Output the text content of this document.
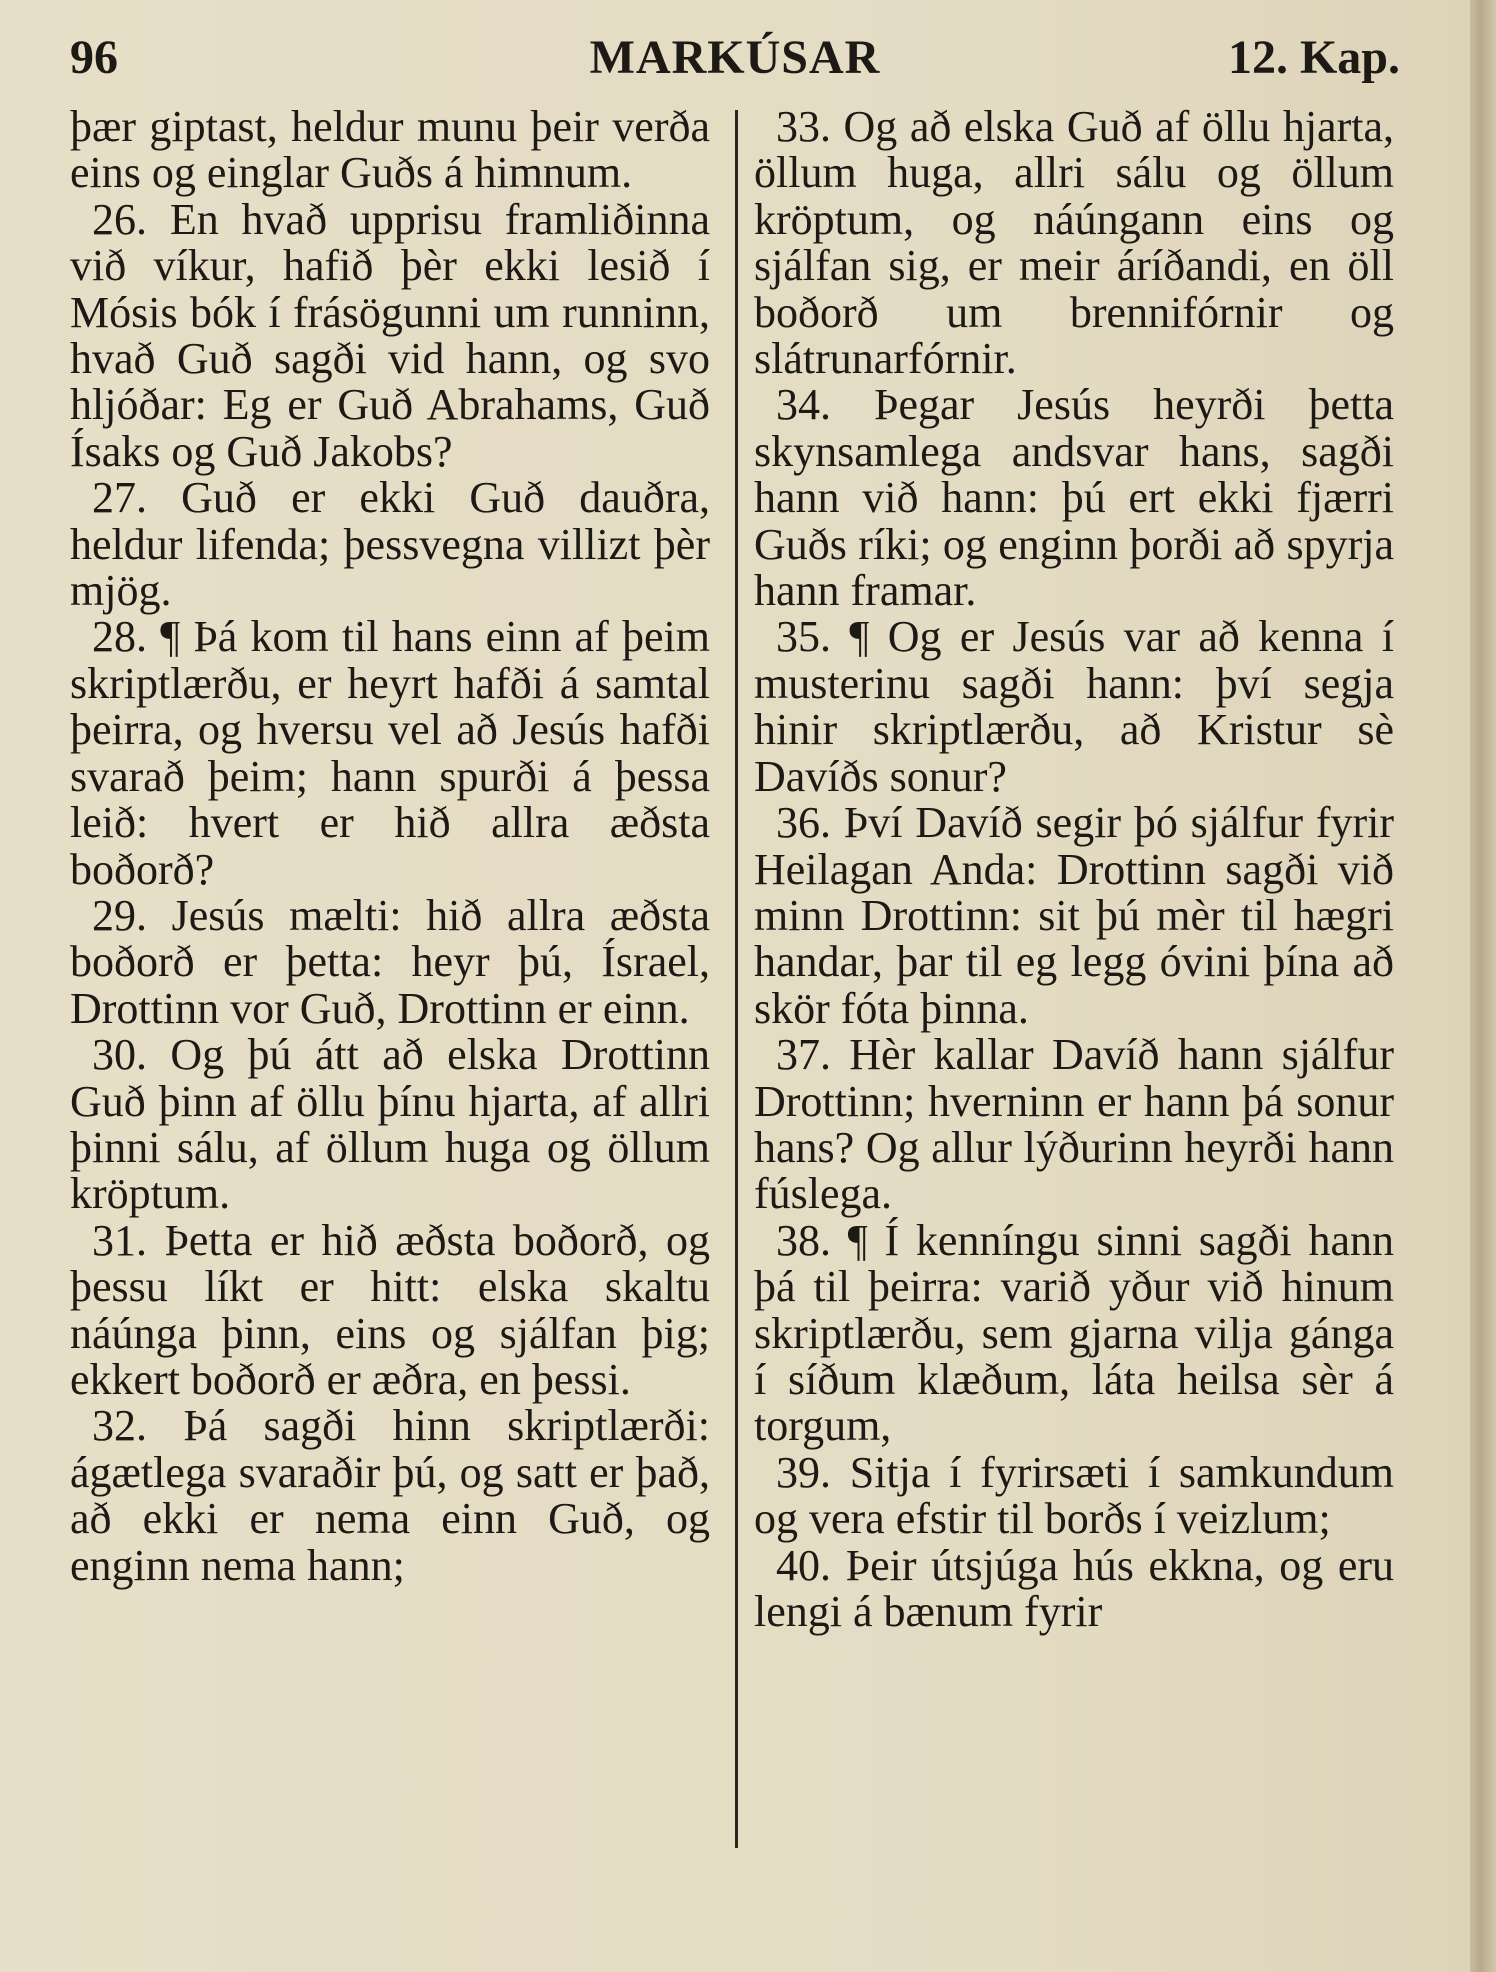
96	MARKÚSAR	12. Kap.

þær giptast, heldur munu þeir verða eins og einglar Guðs á himnum.

26. En hvað upprisu framliðinna við víkur, hafið þèr ekki lesið í Mósis bók í frásögunni um runninn, hvað Guð sagði vid hann, og svo hljóðar: Eg er Guð Abrahams, Guð Ísaks og Guð Jakobs?

27. Guð er ekki Guð dauðra, heldur lifenda; þessvegna villizt þèr mjög.

28. ¶ Þá kom til hans einn af þeim skriptlærðu, er heyrt hafði á samtal þeirra, og hversu vel að Jesús hafði svarað þeim; hann spurði á þessa leið: hvert er hið allra æðsta boðorð?

29. Jesús mælti: hið allra æðsta boðorð er þetta: heyr þú, Ísrael, Drottinn vor Guð, Drottinn er einn.

30. Og þú átt að elska Drottinn Guð þinn af öllu þínu hjarta, af allri þinni sálu, af öllum huga og öllum kröptum.

31. Þetta er hið æðsta boðorð, og þessu líkt er hitt: elska skaltu náúnga þinn, eins og sjálfan þig; ekkert boðorð er æðra, en þessi.

32. Þá sagði hinn skriptlærði: ágætlega svaraðir þú, og satt er það, að ekki er nema einn Guð, og enginn nema hann;

33. Og að elska Guð af öllu hjarta, öllum huga, allri sálu og öllum kröptum, og náúngann eins og sjálfan sig, er meir áríðandi, en öll boðorð um brennifórnir og slátrunarfórnir.

34. Þegar Jesús heyrði þetta skynsamlega andsvar hans, sagði hann við hann: þú ert ekki fjærri Guðs ríki; og enginn þorði að spyrja hann framar.

35. ¶ Og er Jesús var að kenna í musterinu sagði hann: því segja hinir skriptlærðu, að Kristur sè Davíðs sonur?

36. Því Davíð segir þó sjálfur fyrir Heilagan Anda: Drottinn sagði við minn Drottinn: sit þú mèr til hægri handar, þar til eg legg óvini þína að skör fóta þinna.

37. Hèr kallar Davíð hann sjálfur Drottinn; hverninn er hann þá sonur hans? Og allur lýðurinn heyrði hann fúslega.

38. ¶ Í kenníngu sinni sagði hann þá til þeirra: varið yður við hinum skriptlærðu, sem gjarna vilja gánga í síðum klæðum, láta heilsa sèr á torgum,

39. Sitja í fyrirsæti í samkundum og vera efstir til borðs í veizlum;

40. Þeir útsjúga hús ekkna, og eru lengi á bænum fyrir
